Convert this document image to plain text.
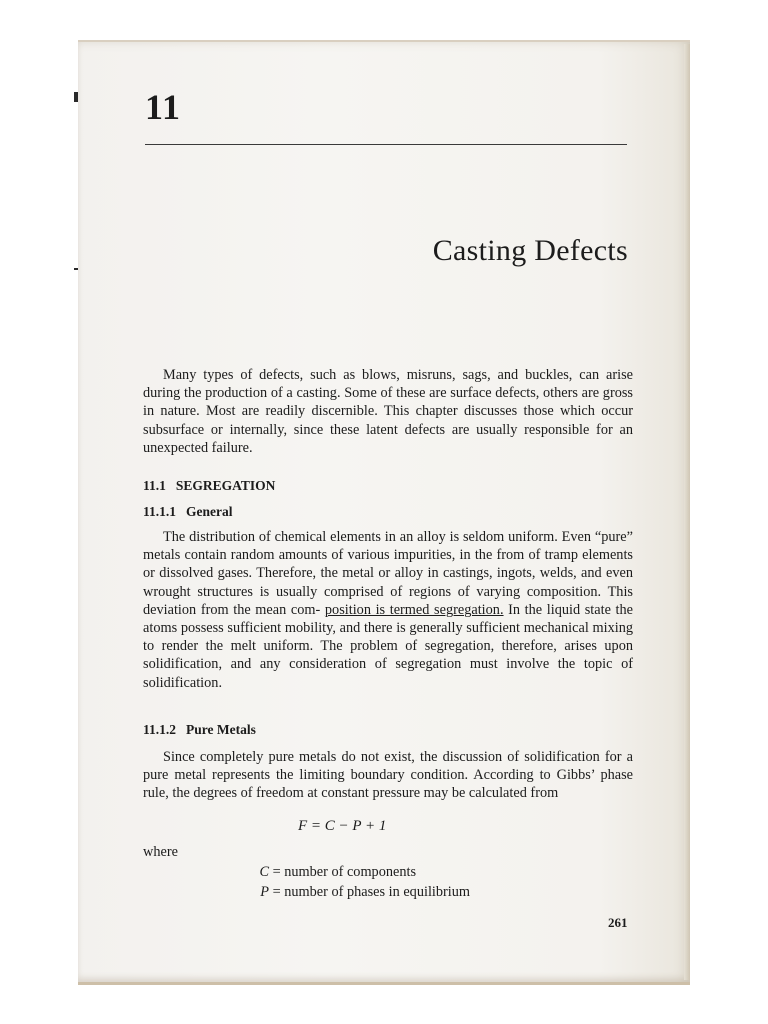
11
Casting Defects

Many types of defects, such as blows, misruns, sags, and buckles, can arise during the production of a casting. Some of these are surface defects, others are gross in nature. Most are readily discernible. This chapter discusses those which occur subsurface or internally, since these latent defects are usually responsible for an unexpected failure.

11.1 SEGREGATION
11.1.1 General

The distribution of chemical elements in an alloy is seldom uniform. Even “pure” metals contain random amounts of various impurities, in the from of tramp elements or dissolved gases. Therefore, the metal or alloy in castings, ingots, welds, and even wrought structures is usually comprised of regions of varying composition. This deviation from the mean com- position is termed segregation. In the liquid state the atoms possess sufficient mobility, and there is generally sufficient mechanical mixing to render the melt uniform. The problem of segregation, therefore, arises upon solidification, and any consideration of segregation must involve the topic of solidification.

11.1.2 Pure Metals

Since completely pure metals do not exist, the discussion of solidification for a pure metal represents the limiting boundary condition. According to Gibbs’ phase rule, the degrees of freedom at constant pressure may be calculated from

F = C − P + 1
where
C = number of components
P = number of phases in equilibrium
261
